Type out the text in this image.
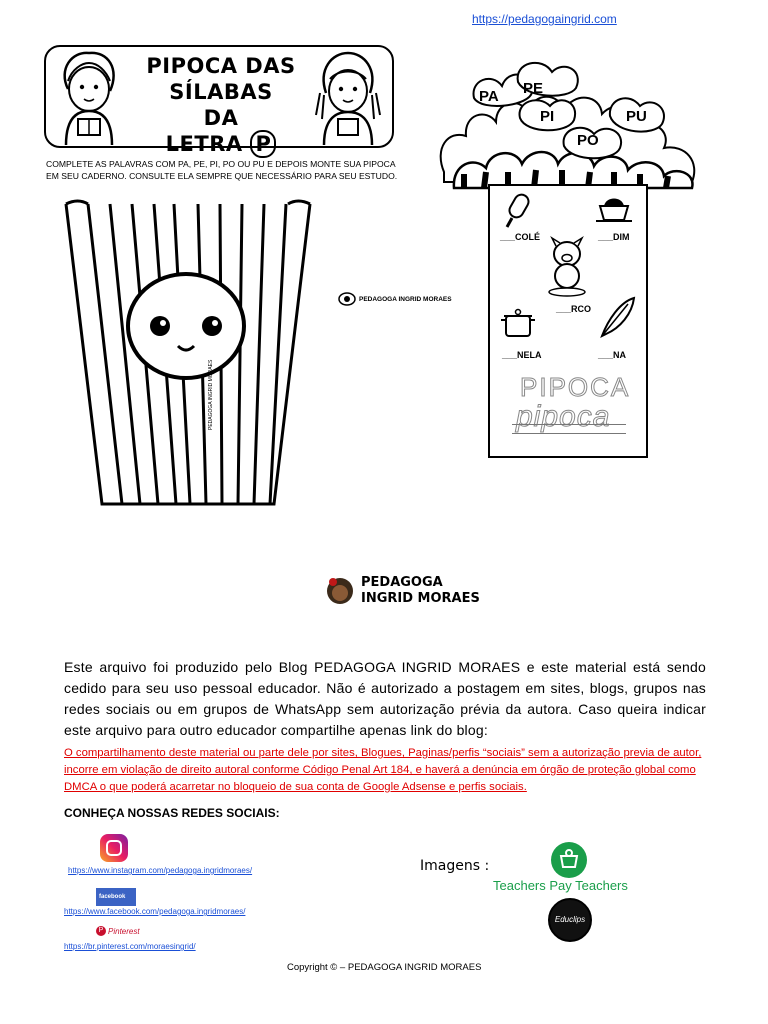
https://pedagogaingrid.com
PIPOCA DAS
SÍLABAS
DA LETRA P
COMPLETE AS PALAVRAS COM PA, PE, PI, PO OU PU E DEPOIS MONTE SUA PIPOCA EM SEU CADERNO. CONSULTE ELA SEMPRE QUE NECESSÁRIO PARA SEU ESTUDO.
PA PE
PI
PO
PU
___COLÉ	___DIM
___RCO
___NELA	___NA
PIPOCA
pipoca
PEDAGOGA INGRID MORAES
PEDAGOGA INGRID MORAES
PEDAGOGA
INGRID MORAES
Este arquivo foi produzido pelo Blog PEDAGOGA INGRID MORAES e este material está sendo cedido para seu uso pessoal educador. Não é autorizado a postagem em sites, blogs, grupos nas redes sociais ou em grupos de WhatsApp sem autorização prévia da autora. Caso queira indicar este arquivo para outro educador compartilhe apenas link do blog:
O compartilhamento deste material ou parte dele por sites, Blogues, Paginas/perfis “sociais” sem a autorização previa de autor, incorre em violação de direito autoral conforme Código Penal Art 184, e haverá a denúncia em órgão de proteção global como DMCA o que poderá acarretar no bloqueio de sua conta de Google Adsense e perfis sociais.
CONHEÇA NOSSAS REDES SOCIAIS:
https://www.instagram.com/pedagoga.ingridmoraes/
facebook
https://www.facebook.com/pedagoga.ingridmoraes/
P Pinterest
https://br.pinterest.com/moraesingrid/
Imagens :
Teachers Pay Teachers
Educlips
Copyright © – PEDAGOGA INGRID MORAES
